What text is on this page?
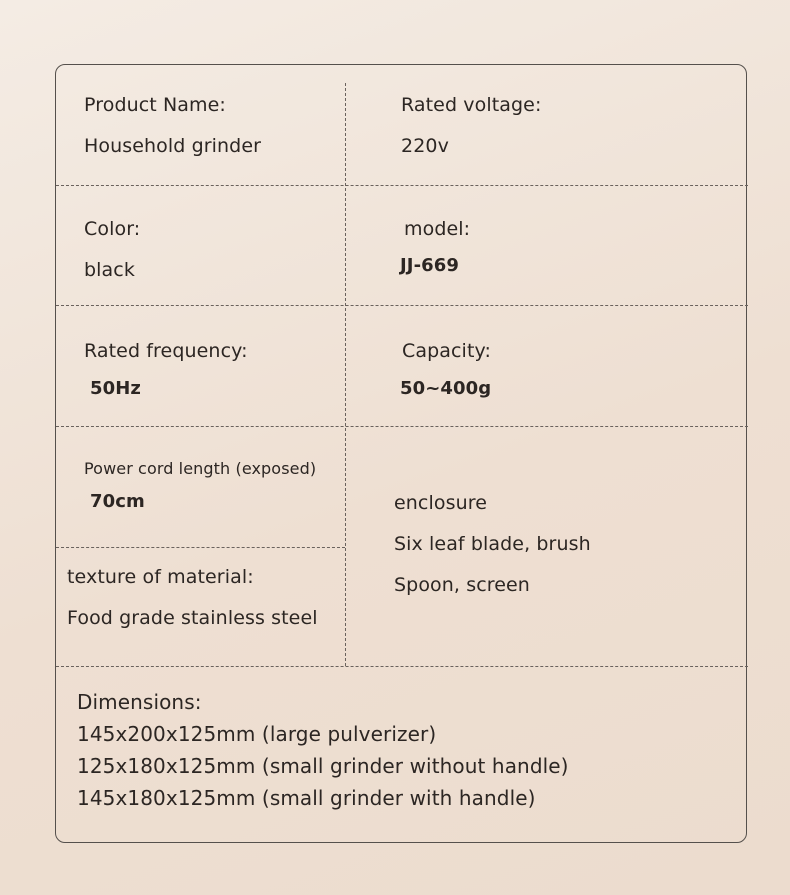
Product Name:
Household grinder
Rated voltage:
220v
Color:
black
model:
JJ-669
Rated frequency:
50Hz
Capacity:
50~400g
Power cord length (exposed)
70cm
texture of material:
Food grade stainless steel
enclosure
Six leaf blade, brush
Spoon, screen
Dimensions:
145x200x125mm (large pulverizer)
125x180x125mm (small grinder without handle)
145x180x125mm (small grinder with handle)
